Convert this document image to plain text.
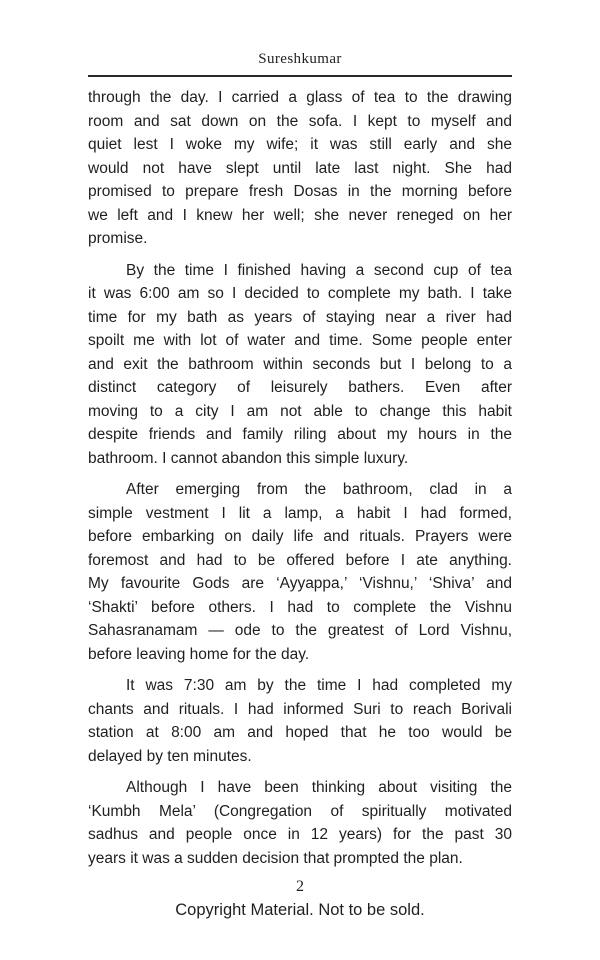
Sureshkumar

through the day. I carried a glass of tea to the drawing
room and sat down on the sofa. I kept to myself and
quiet lest I woke my wife; it was still early and she
would not have slept until late last night. She had
promised to prepare fresh Dosas in the morning before
we left and I knew her well; she never reneged on her
promise.

By the time I finished having a second cup of tea
it was 6:00 am so I decided to complete my bath. I take
time for my bath as years of staying near a river had
spoilt me with lot of water and time. Some people enter
and exit the bathroom within seconds but I belong to a
distinct category of leisurely bathers. Even after
moving to a city I am not able to change this habit
despite friends and family riling about my hours in the
bathroom. I cannot abandon this simple luxury.

After emerging from the bathroom, clad in a
simple vestment I lit a lamp, a habit I had formed,
before embarking on daily life and rituals. Prayers were
foremost and had to be offered before I ate anything.
My favourite Gods are ‘Ayyappa,’ ‘Vishnu,’ ‘Shiva’ and
‘Shakti’ before others. I had to complete the Vishnu
Sahasranamam — ode to the greatest of Lord Vishnu,
before leaving home for the day.

It was 7:30 am by the time I had completed my
chants and rituals. I had informed Suri to reach Borivali
station at 8:00 am and hoped that he too would be
delayed by ten minutes.

Although I have been thinking about visiting the
‘Kumbh Mela’ (Congregation of spiritually motivated
sadhus and people once in 12 years) for the past 30
years it was a sudden decision that prompted the plan.

2
Copyright Material. Not to be sold.
